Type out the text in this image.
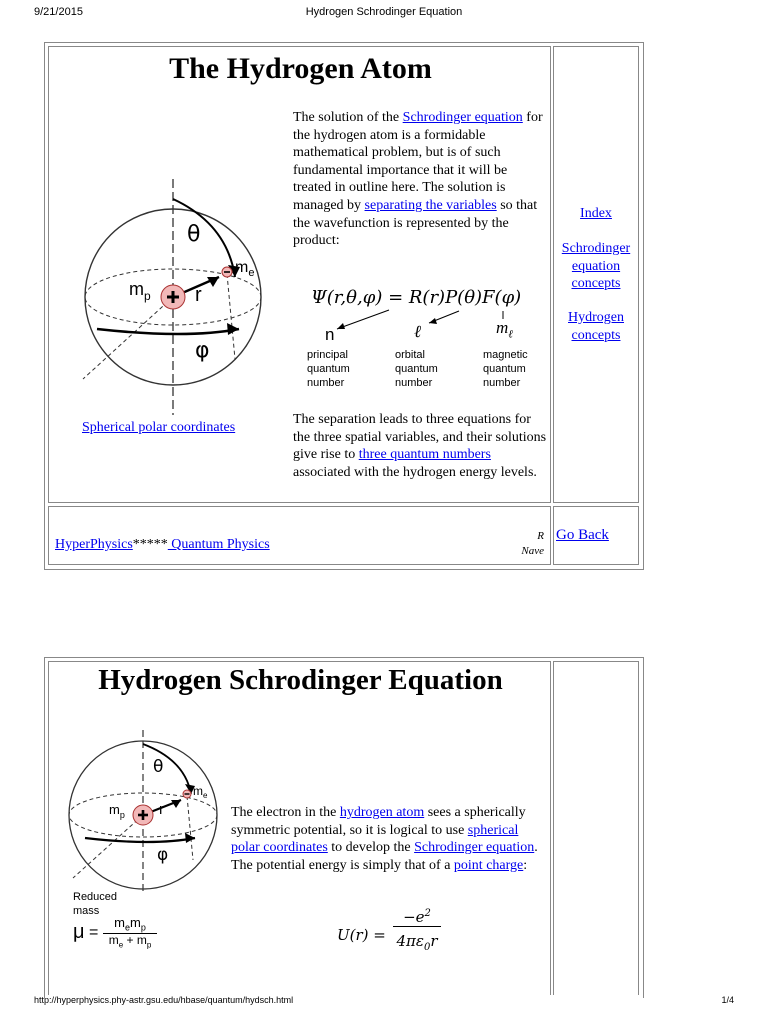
9/21/2015	Hydrogen Schrodinger Equation
The Hydrogen Atom
θ
φ
r
$m_p$
$m_e$
Spherical polar coordinates
The solution of the Schrodinger equation for the hydrogen atom is a formidable mathematical problem, but is of such fundamental importance that it will be treated in outline here. The solution is managed by separating the variables so that the wavefunction is represented by the product:
Ψ(r,θ,φ) = R(r)P(θ)F(φ)
n	ℓ	$m_\ell$
principal
quantum
number
orbital
quantum
number
magnetic
quantum
number
The separation leads to three equations for the three spatial variables, and their solutions give rise to three quantum numbers associated with the hydrogen energy levels.
Index
Schrodinger equation concepts
Hydrogen concepts
HyperPhysics***** Quantum Physics
R
Nave
Go Back
Hydrogen Schrodinger Equation
θ
φ
r
$m_p$
$m_e$
Reduced
mass
μ =
$m_em_p$
$m_e + m_p$
The electron in the hydrogen atom sees a spherically symmetric potential, so it is logical to use spherical polar coordinates to develop the Schrodinger equation. The potential energy is simply that of a point charge:
U(r) =
$-e^2$
$4\pi\varepsilon_0r$
http://hyperphysics.phy-astr.gsu.edu/hbase/quantum/hydsch.html	1/4
